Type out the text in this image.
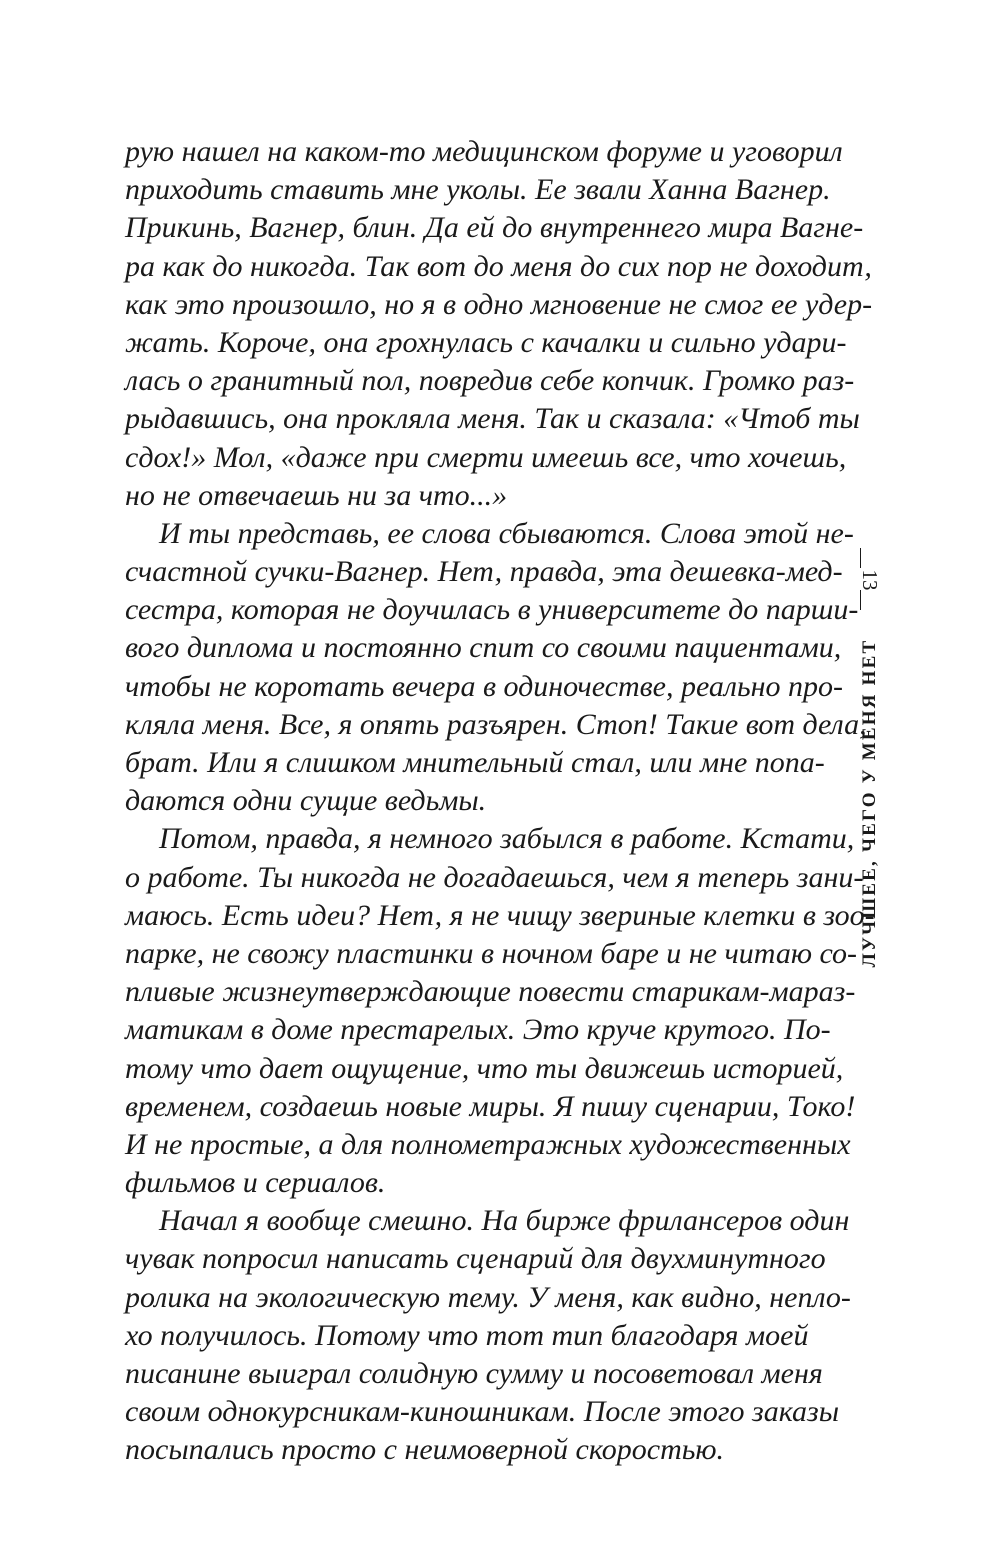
рую нашел на каком-то медицинском форуме и уговорил
приходить ставить мне уколы. Ее звали Ханна Вагнер.
Прикинь, Вагнер, блин. Да ей до внутреннего мира Вагне-
ра как до никогда. Так вот до меня до сих пор не доходит,
как это произошло, но я в одно мгновение не смог ее удер-
жать. Короче, она грохнулась с качалки и сильно удари-
лась о гранитный пол, повредив себе копчик. Громко раз-
рыдавшись, она прокляла меня. Так и сказала: «Чтоб ты
сдох!» Мол, «даже при смерти имеешь все, что хочешь,
но не отвечаешь ни за что...»
И ты представь, ее слова сбываются. Слова этой не-
счастной сучки-Вагнер. Нет, правда, эта дешевка-мед-
сестра, которая не доучилась в университете до парши-
вого диплома и постоянно спит со своими пациентами,
чтобы не коротать вечера в одиночестве, реально про-
кляла меня. Все, я опять разъярен. Стоп! Такие вот дела,
брат. Или я слишком мнительный стал, или мне попа-
даются одни сущие ведьмы.
Потом, правда, я немного забылся в работе. Кстати,
о работе. Ты никогда не догадаешься, чем я теперь зани-
маюсь. Есть идеи? Нет, я не чищу звериные клетки в зоо-
парке, не свожу пластинки в ночном баре и не читаю со-
пливые жизнеутверждающие повести старикам-мараз-
матикам в доме престарелых. Это круче крутого. По-
тому что дает ощущение, что ты движешь историей,
временем, создаешь новые миры. Я пишу сценарии, Токо!
И не простые, а для полнометражных художественных
фильмов и сериалов.
Начал я вообще смешно. На бирже фрилансеров один
чувак попросил написать сценарий для двухминутного
ролика на экологическую тему. У меня, как видно, непло-
хо получилось. Потому что тот тип благодаря моей
писанине выиграл солидную сумму и посоветовал меня
своим однокурсникам-киношникам. После этого заказы
посыпались просто с неимоверной скоростью.
13
ЛУЧШЕЕ, ЧЕГО У МЕНЯ НЕТ
